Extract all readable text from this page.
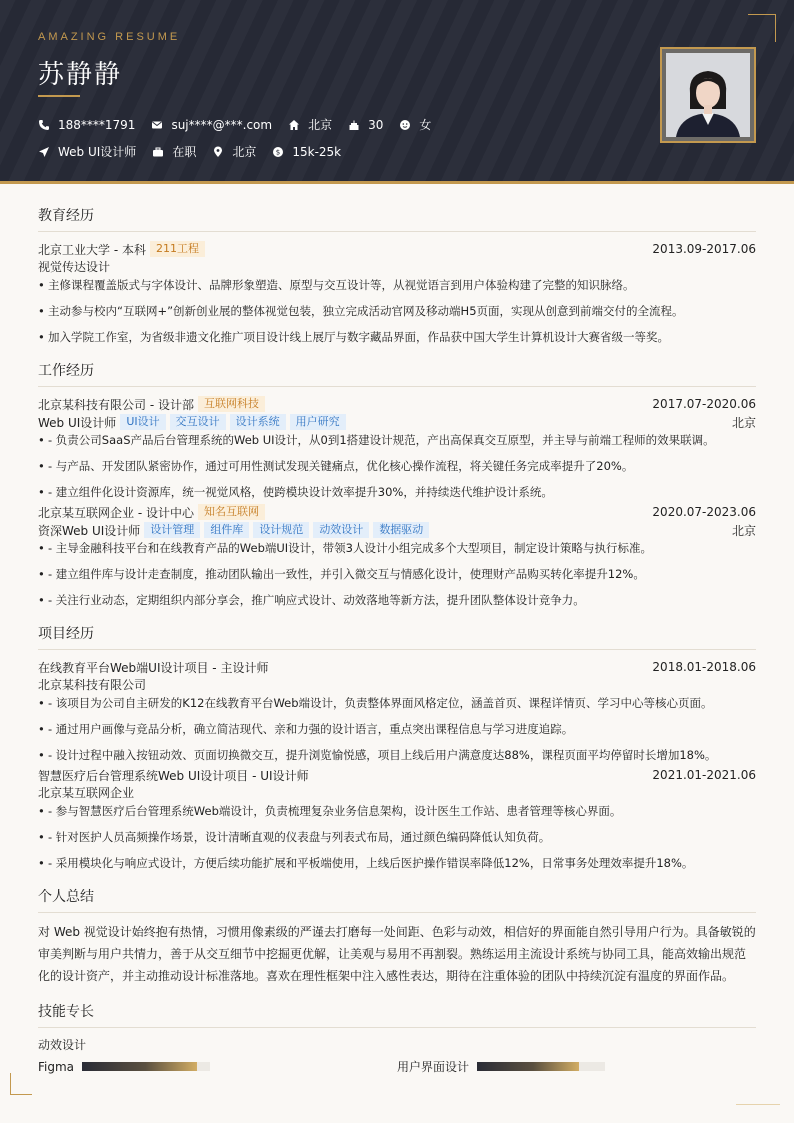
AMAZING RESUME
苏静静
188****1791	suj****@***.com	北京	30	女
Web UI设计师	在职	北京	$ 15k-25k
教育经历
北京工业大学 - 本科 211工程	2013.09-2017.06
视觉传达设计
• 主修课程覆盖版式与字体设计、品牌形象塑造、原型与交互设计等，从视觉语言到用户体验构建了完整的知识脉络。
• 主动参与校内“互联网+”创新创业展的整体视觉包装，独立完成活动官网及移动端H5页面，实现从创意到前端交付的全流程。
• 加入学院工作室，为省级非遗文化推广项目设计线上展厅与数字藏品界面，作品获中国大学生计算机设计大赛省级一等奖。
工作经历
北京某科技有限公司 - 设计部 互联网科技	2017.07-2020.06
Web UI设计师 UI设计	交互设计	设计系统	用户研究	北京
• - 负责公司SaaS产品后台管理系统的Web UI设计，从0到1搭建设计规范，产出高保真交互原型，并主导与前端工程师的效果联调。
• - 与产品、开发团队紧密协作，通过可用性测试发现关键痛点，优化核心操作流程，将关键任务完成率提升了20%。
• - 建立组件化设计资源库，统一视觉风格，使跨模块设计效率提升30%，并持续迭代维护设计系统。
北京某互联网企业 - 设计中心 知名互联网	2020.07-2023.06
资深Web UI设计师 设计管理	组件库	设计规范	动效设计	数据驱动	北京
• - 主导金融科技平台和在线教育产品的Web端UI设计，带领3人设计小组完成多个大型项目，制定设计策略与执行标准。
• - 建立组件库与设计走查制度，推动团队输出一致性，并引入微交互与情感化设计，使理财产品购买转化率提升12%。
• - 关注行业动态，定期组织内部分享会，推广响应式设计、动效落地等新方法，提升团队整体设计竞争力。
项目经历
在线教育平台Web端UI设计项目 - 主设计师	2018.01-2018.06
北京某科技有限公司
• - 该项目为公司自主研发的K12在线教育平台Web端设计，负责整体界面风格定位，涵盖首页、课程详情页、学习中心等核心页面。
• - 通过用户画像与竞品分析，确立简洁现代、亲和力强的设计语言，重点突出课程信息与学习进度追踪。
• - 设计过程中融入按钮动效、页面切换微交互，提升浏览愉悦感，项目上线后用户满意度达88%，课程页面平均停留时长增加18%。
智慧医疗后台管理系统Web UI设计项目 - UI设计师	2021.01-2021.06
北京某互联网企业
• - 参与智慧医疗后台管理系统Web端设计，负责梳理复杂业务信息架构，设计医生工作站、患者管理等核心界面。
• - 针对医护人员高频操作场景，设计清晰直观的仪表盘与列表式布局，通过颜色编码降低认知负荷。
• - 采用模块化与响应式设计，方便后续功能扩展和平板端使用，上线后医护操作错误率降低12%，日常事务处理效率提升18%。
个人总结
对 Web 视觉设计始终抱有热情，习惯用像素级的严谨去打磨每一处间距、色彩与动效，相信好的界面能自然引导用户行为。具备敏锐的审美判断与用户共情力，善于从交互细节中挖掘更优解，让美观与易用不再割裂。熟练运用主流设计系统与协同工具，能高效输出规范化的设计资产，并主动推动设计标准落地。喜欢在理性框架中注入感性表达，期待在注重体验的团队中持续沉淀有温度的界面作品。
技能专长
动效设计
Figma	用户界面设计
